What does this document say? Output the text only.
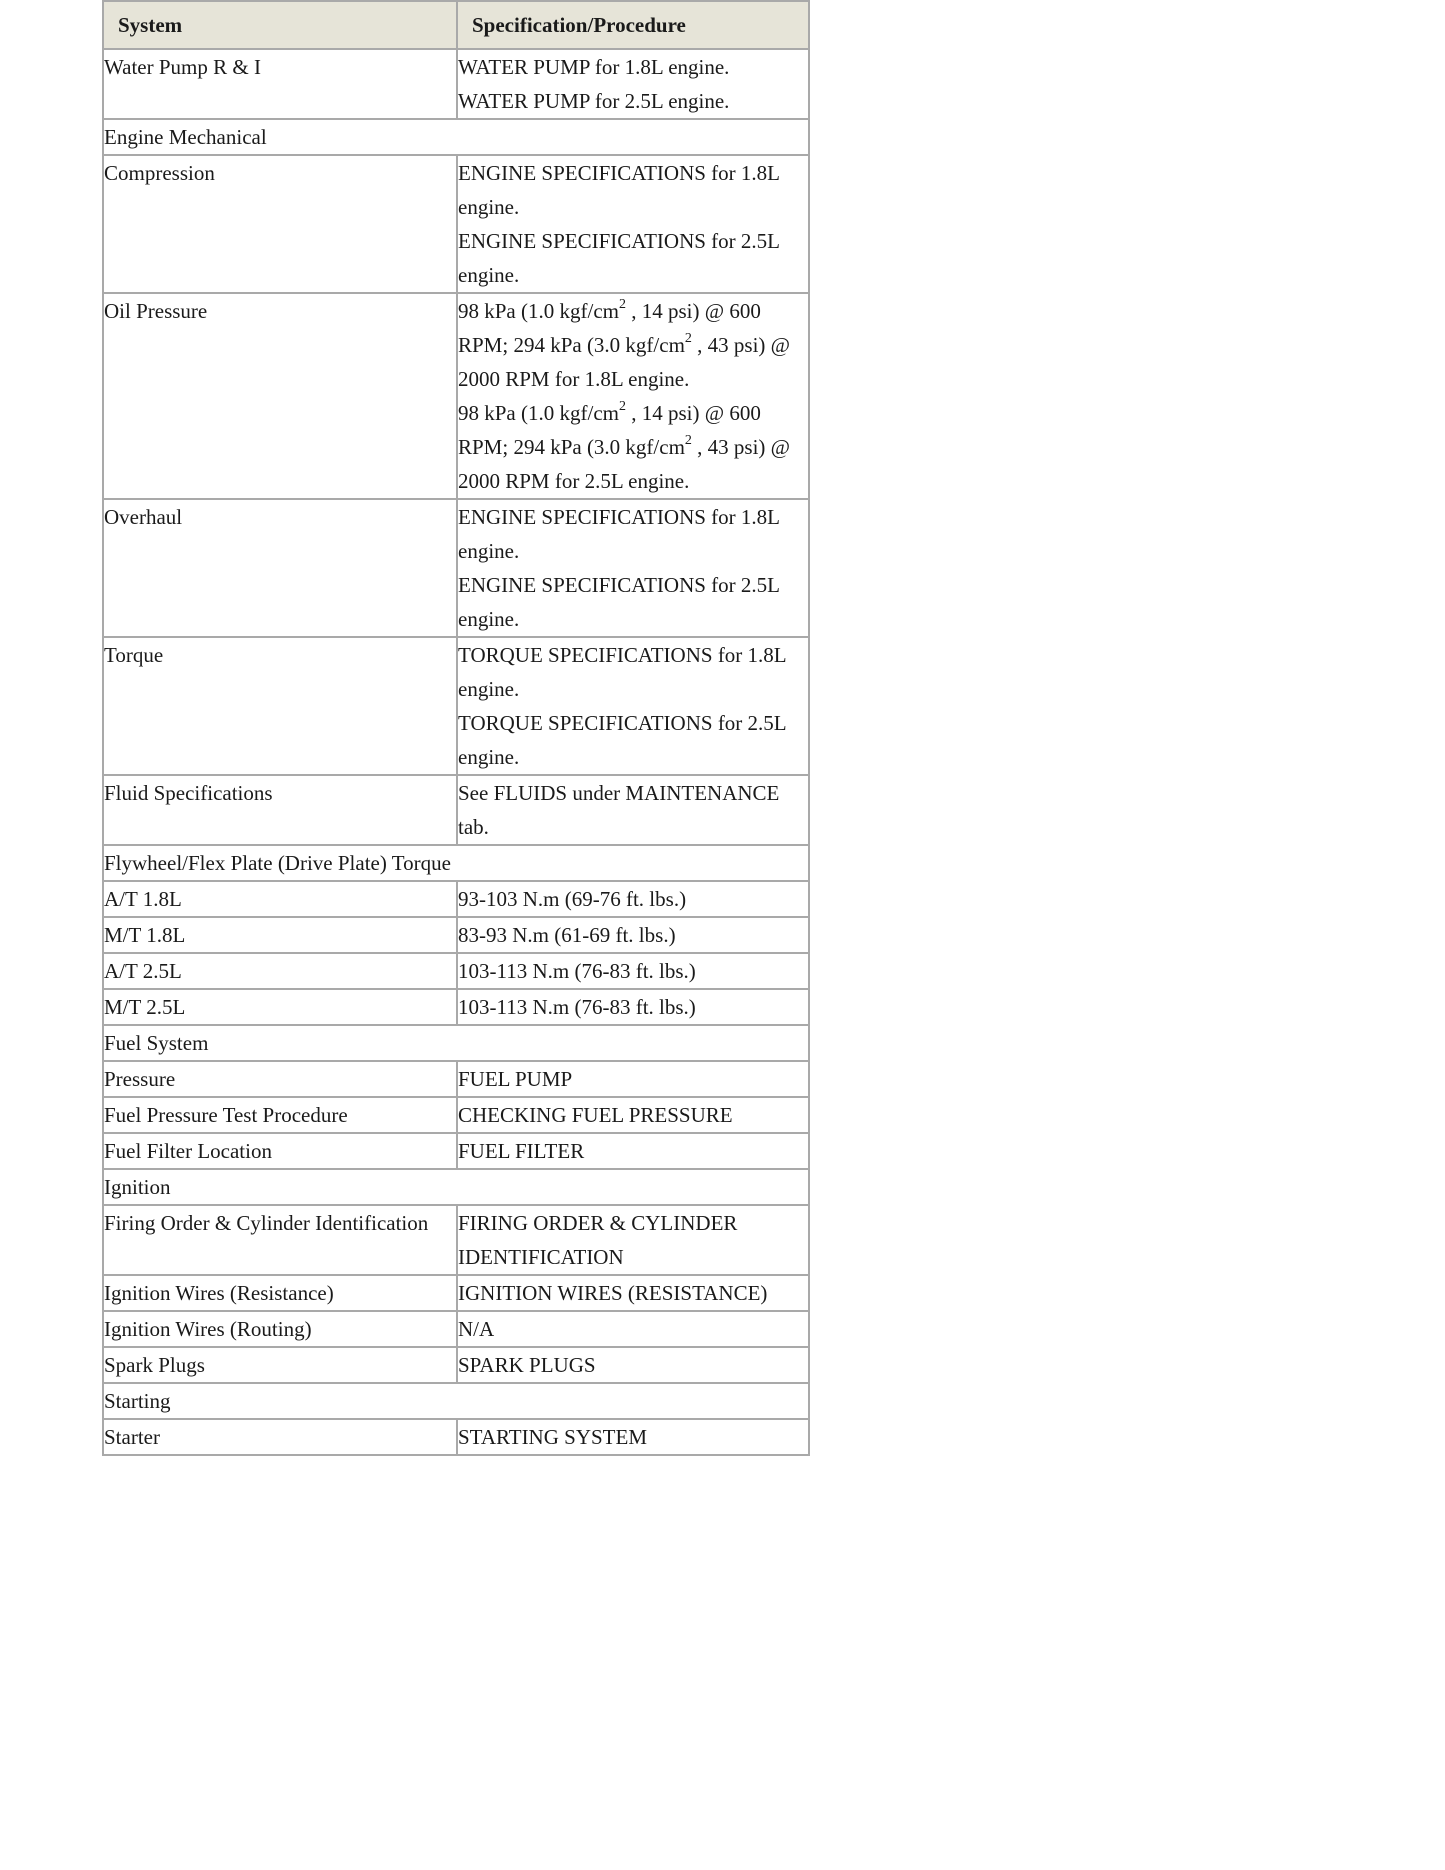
System	Specification/Procedure
Water Pump R & I	WATER PUMP for 1.8L engine.
WATER PUMP for 2.5L engine.

Engine Mechanical	
Compression	ENGINE SPECIFICATIONS for 1.8L engine.
ENGINE SPECIFICATIONS for 2.5L engine.

Oil Pressure	98 kPa (1.0 kgf/$cm^2$ , 14 psi) @ 600 RPM; 294 kPa (3.0 kgf/$cm^2$ , 43 psi) @ 2000 RPM for 1.8L engine.
98 kPa (1.0 kgf/$cm^2$ , 14 psi) @ 600 RPM; 294 kPa (3.0 kgf/$cm^2$ , 43 psi) @ 2000 RPM for 2.5L engine.

Overhaul	ENGINE SPECIFICATIONS for 1.8L engine.
ENGINE SPECIFICATIONS for 2.5L engine.

Torque	TORQUE SPECIFICATIONS for 1.8L engine.
TORQUE SPECIFICATIONS for 2.5L engine.

Fluid Specifications	See FLUIDS under MAINTENANCE tab.

Flywheel/Flex Plate (Drive Plate) Torque	
A/T 1.8L	93-103 N.m (69-76 ft. lbs.)

M/T 1.8L	83-93 N.m (61-69 ft. lbs.)

A/T 2.5L	103-113 N.m (76-83 ft. lbs.)

M/T 2.5L	103-113 N.m (76-83 ft. lbs.)

Fuel System	
Pressure	FUEL PUMP

Fuel Pressure Test Procedure	CHECKING FUEL PRESSURE

Fuel Filter Location	FUEL FILTER

Ignition	
Firing Order & Cylinder Identification	FIRING ORDER & CYLINDER IDENTIFICATION

Ignition Wires (Resistance)	IGNITION WIRES (RESISTANCE)

Ignition Wires (Routing)	N/A

Spark Plugs	SPARK PLUGS

Starting	
Starter	STARTING SYSTEM
